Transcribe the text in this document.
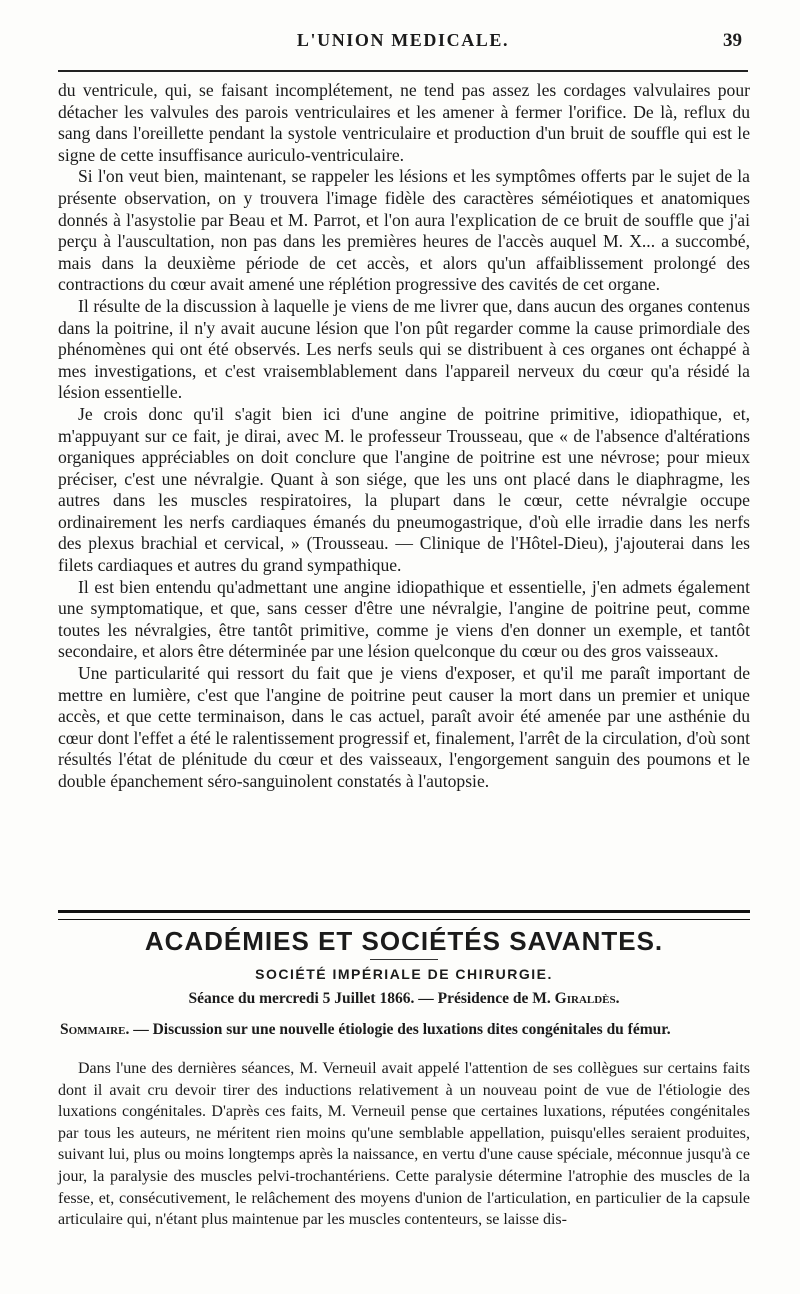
L'UNION MEDICALE.	39

du ventricule, qui, se faisant incomplétement, ne tend pas assez les cordages valvulaires pour détacher les valvules des parois ventriculaires et les amener à fermer l'orifice. De là, reflux du sang dans l'oreillette pendant la systole ventriculaire et production d'un bruit de souffle qui est le signe de cette insuffisance auriculo-ventriculaire.

Si l'on veut bien, maintenant, se rappeler les lésions et les symptômes offerts par le sujet de la présente observation, on y trouvera l'image fidèle des caractères séméiotiques et anatomiques donnés à l'asystolie par Beau et M. Parrot, et l'on aura l'explication de ce bruit de souffle que j'ai perçu à l'auscultation, non pas dans les premières heures de l'accès auquel M. X... a succombé, mais dans la deuxième période de cet accès, et alors qu'un affaiblissement prolongé des contractions du cœur avait amené une réplétion progressive des cavités de cet organe.

Il résulte de la discussion à laquelle je viens de me livrer que, dans aucun des organes contenus dans la poitrine, il n'y avait aucune lésion que l'on pût regarder comme la cause primordiale des phénomènes qui ont été observés. Les nerfs seuls qui se distribuent à ces organes ont échappé à mes investigations, et c'est vraisemblablement dans l'appareil nerveux du cœur qu'a résidé la lésion essentielle.

Je crois donc qu'il s'agit bien ici d'une angine de poitrine primitive, idiopathique, et, m'appuyant sur ce fait, je dirai, avec M. le professeur Trousseau, que « de l'absence d'altérations organiques appréciables on doit conclure que l'angine de poitrine est une névrose; pour mieux préciser, c'est une névralgie. Quant à son siége, que les uns ont placé dans le diaphragme, les autres dans les muscles respiratoires, la plupart dans le cœur, cette névralgie occupe ordinairement les nerfs cardiaques émanés du pneumogastrique, d'où elle irradie dans les nerfs des plexus brachial et cervical, » (Trousseau. — Clinique de l'Hôtel-Dieu), j'ajouterai dans les filets cardiaques et autres du grand sympathique.

Il est bien entendu qu'admettant une angine idiopathique et essentielle, j'en admets également une symptomatique, et que, sans cesser d'être une névralgie, l'angine de poitrine peut, comme toutes les névralgies, être tantôt primitive, comme je viens d'en donner un exemple, et tantôt secondaire, et alors être déterminée par une lésion quelconque du cœur ou des gros vaisseaux.

Une particularité qui ressort du fait que je viens d'exposer, et qu'il me paraît important de mettre en lumière, c'est que l'angine de poitrine peut causer la mort dans un premier et unique accès, et que cette terminaison, dans le cas actuel, paraît avoir été amenée par une asthénie du cœur dont l'effet a été le ralentissement progressif et, finalement, l'arrêt de la circulation, d'où sont résultés l'état de plénitude du cœur et des vaisseaux, l'engorgement sanguin des poumons et le double épanchement séro-sanguinolent constatés à l'autopsie.

ACADÉMIES ET SOCIÉTÉS SAVANTES.
SOCIÉTÉ IMPÉRIALE DE CHIRURGIE.
Séance du mercredi 5 Juillet 1866. — Présidence de M. Giraldès.
Sommaire. — Discussion sur une nouvelle étiologie des luxations dites congénitales du fémur.

Dans l'une des dernières séances, M. Verneuil avait appelé l'attention de ses collègues sur certains faits dont il avait cru devoir tirer des inductions relativement à un nouveau point de vue de l'étiologie des luxations congénitales. D'après ces faits, M. Verneuil pense que certaines luxations, réputées congénitales par tous les auteurs, ne méritent rien moins qu'une semblable appellation, puisqu'elles seraient produites, suivant lui, plus ou moins longtemps après la naissance, en vertu d'une cause spéciale, méconnue jusqu'à ce jour, la paralysie des muscles pelvi-trochantériens. Cette paralysie détermine l'atrophie des muscles de la fesse, et, consécutivement, le relâchement des moyens d'union de l'articulation, en particulier de la capsule articulaire qui, n'étant plus maintenue par les muscles contenteurs, se laisse dis-
